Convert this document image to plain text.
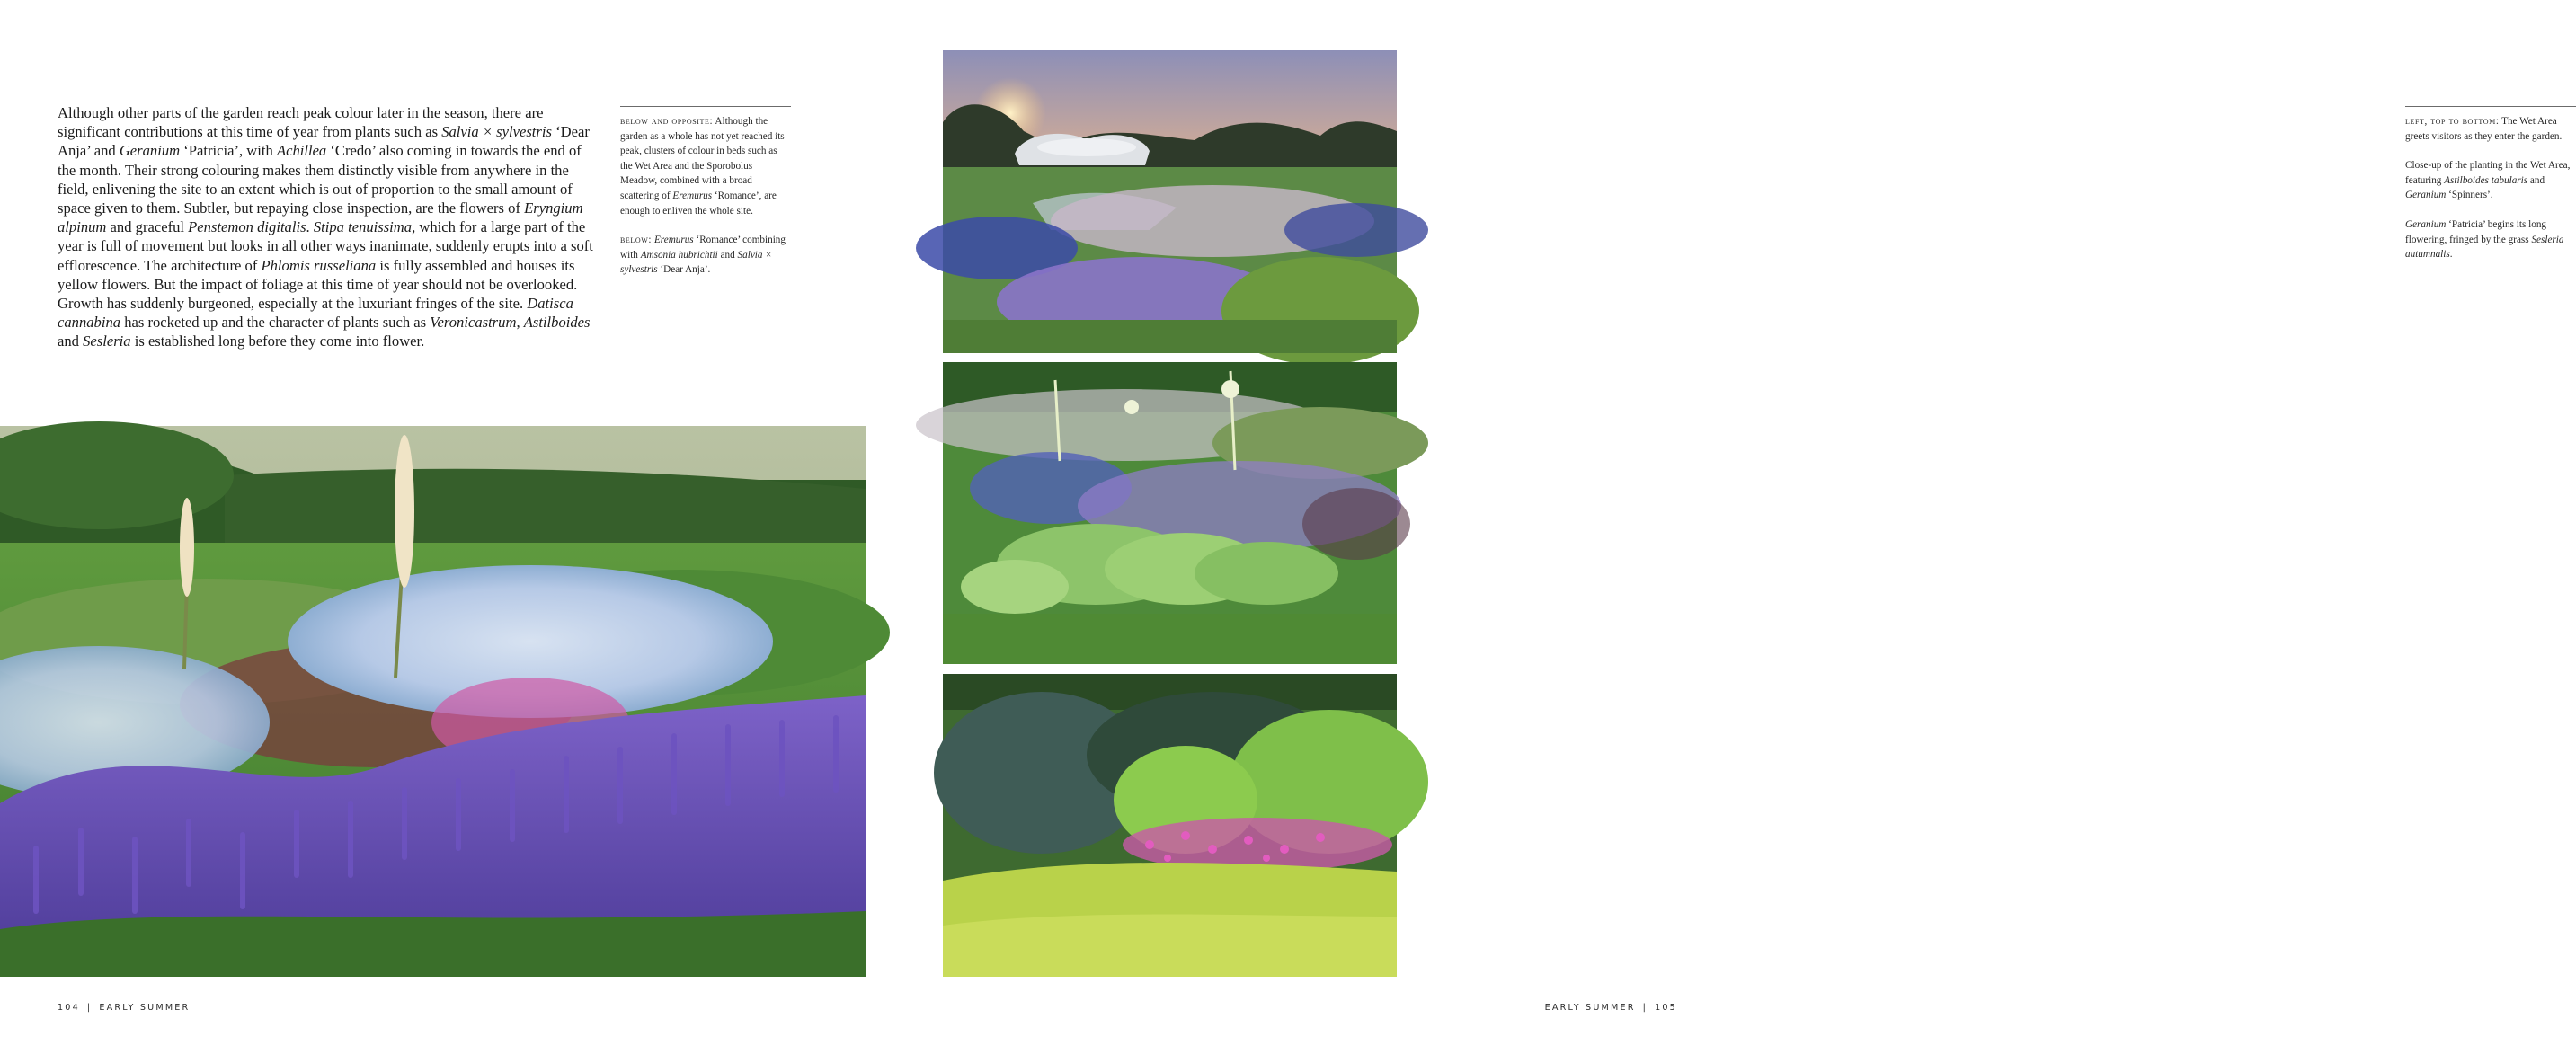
Although other parts of the garden reach peak colour later in the season, there are significant contributions at this time of year from plants such as Salvia × sylvestris ‘Dear Anja’ and Geranium ‘Patricia’, with Achillea ‘Credo’ also coming in towards the end of the month. Their strong colouring makes them distinctly visible from anywhere in the field, enlivening the site to an extent which is out of proportion to the small amount of space given to them. Subtler, but repaying close inspection, are the flowers of Eryngium alpinum and graceful Penstemon digitalis. Stipa tenuissima, which for a large part of the year is full of movement but looks in all other ways inanimate, suddenly erupts into a soft efflorescence. The architecture of Phlomis russeliana is fully assembled and houses its yellow flowers. But the impact of foliage at this time of year should not be overlooked. Growth has suddenly burgeoned, especially at the luxuriant fringes of the site. Datisca cannabina has rocketed up and the character of plants such as Veronicastrum, Astilboides and Sesleria is established long before they come into flower.

below and opposite: Although the garden as a whole has not yet reached its peak, clusters of colour in beds such as the Wet Area and the Sporobolus Meadow, combined with a broad scattering of Eremurus ‘Romance’, are enough to enliven the whole site.

below: Eremurus ‘Romance’ combining with Amsonia hubrichtii and Salvia × sylvestris ‘Dear Anja’.

104 | EARLY SUMMER

left, top to bottom: The Wet Area greets visitors as they enter the garden.

Close-up of the planting in the Wet Area, featuring Astilboides tabularis and Geranium ‘Spinners’.

Geranium ‘Patricia’ begins its long flowering, fringed by the grass Sesleria autumnalis.

EARLY SUMMER | 105
